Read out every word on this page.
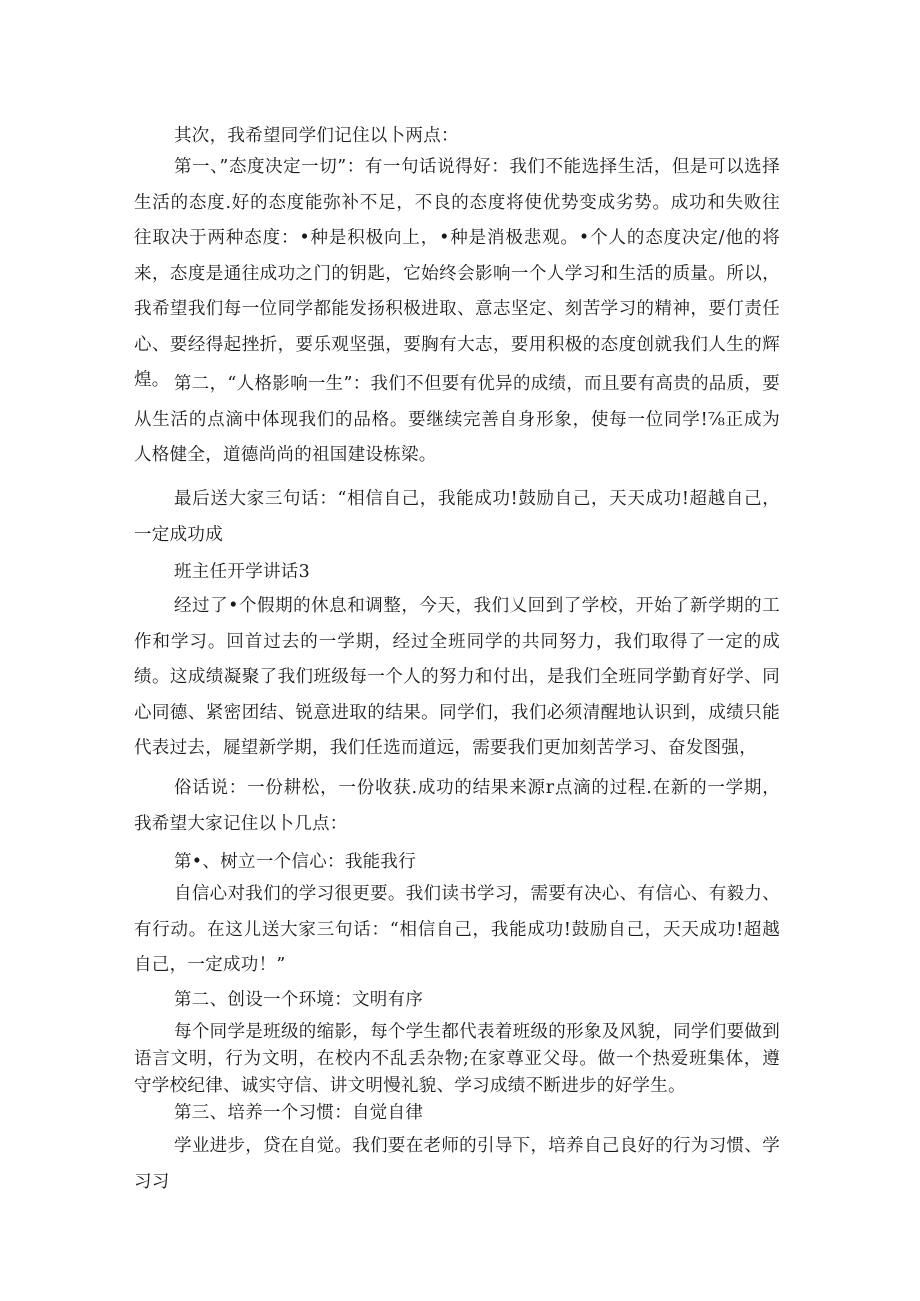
其次，我希望同学们记住以卜两点：

第一、”态度决定一切”：有一句话说得好：我们不能选择生活，但是可以选择生活的态度.好的态度能弥补不足，不良的态度将使优势变成劣势。成功和失败往往取决于两种态度：•种是积极向上，•种是消极悲观。•个人的态度决定/他的将来，态度是通往成功之门的钥匙，它始终会影响一个人学习和生活的质量。所以，我希望我们每一位同学都能发扬积极进取、意志坚定、刻苦学习的精神，要仃责任心、要经得起挫折，要乐观坚强，要胸有大志，要用积极的态度创就我们人生的辉煌。 第二，“人格影响一生”：我们不但要有优异的成绩，而且要有高贵的品质，要从生活的点滴中体现我们的品格。要继续完善自身形象，使每一位同学!⅞正成为人格健全，道德尚尚的祖国建设栋梁。

最后送大家三句话：“相信自己，我能成功!鼓励自己，天天成功!超越自己，一定成功成

班主任开学讲话3

经过了•个假期的休息和调整，今天，我们乂回到了学校，开始了新学期的工作和学习。回首过去的一学期，经过全班同学的共同努力，我们取得了一定的成绩。这成绩凝聚了我们班级每一个人的努力和付出，是我们全班同学勤育好学、同心同德、紧密团结、锐意进取的结果。同学们，我们必须清醒地认识到，成绩只能代表过去，屣望新学期，我们任选而道远，需要我们更加刻苦学习、奋发图强，

俗话说：一份耕松，一份收获.成功的结果来源r点滴的过程.在新的一学期，我希望大家记住以卜几点：

第•、树立一个信心：我能我行

自信心对我们的学习很更要。我们读书学习，需要有决心、有信心、有毅力、有行动。在这儿送大家三句话：“相信自己，我能成功!鼓励自己，天天成功!超越自己，一定成功！”

第二、创设一个环境：文明有序

每个同学是班级的缩影，每个学生都代表着班级的形象及风貌，同学们要做到语言文明，行为文明，在校内不乱丢杂物;在家尊亚父母。做一个热爱班集体，遵守学校纪律、诚实守信、讲文明慢礼貌、学习成绩不断进步的好学生。

第三、培养一个习惯：自觉自律

学业进步，贷在自觉。我们要在老师的引导下，培养自己良好的行为习惯、学习习
